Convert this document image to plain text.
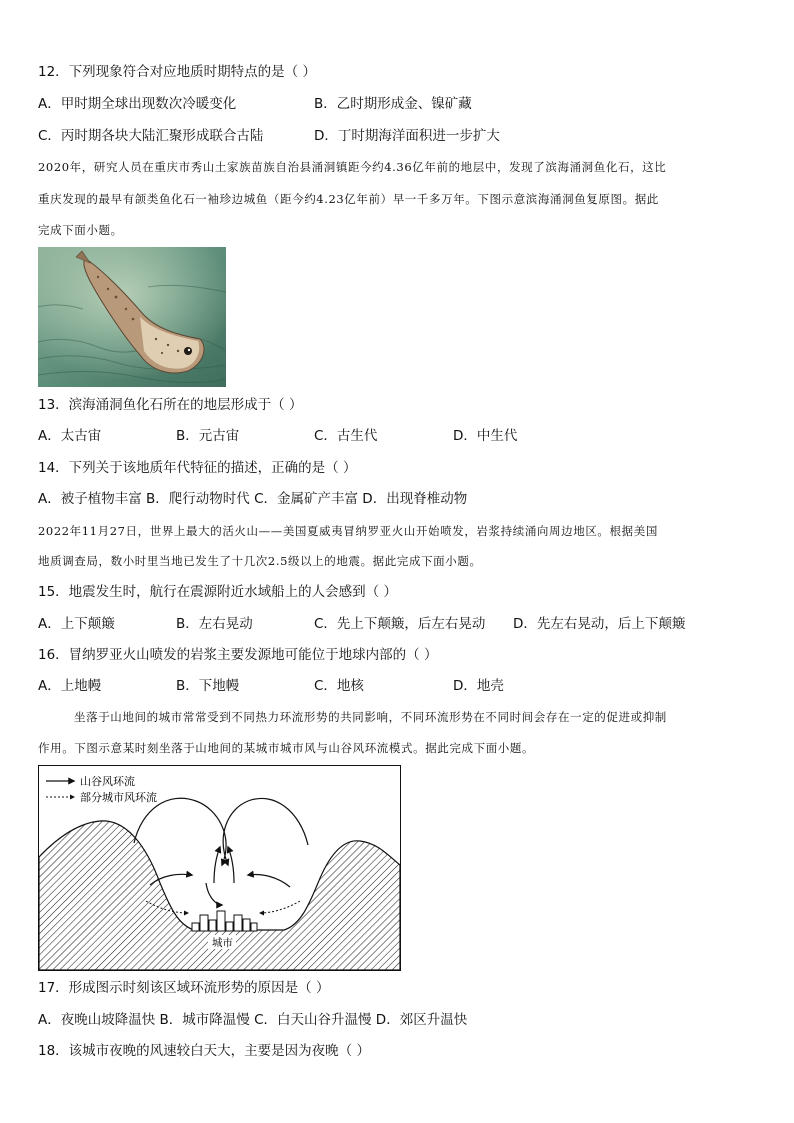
12．下列现象符合对应地质时期特点的是（ ）
A．甲时期全球出现数次冷暖变化	B．乙时期形成金、镍矿藏
C．丙时期各块大陆汇聚形成联合古陆	D．丁时期海洋面积进一步扩大
2020年，研究人员在重庆市秀山土家族苗族自治县涌洞镇距今约4.36亿年前的地层中，发现了滨海涌洞鱼化石，这比
重庆发现的最早有颌类鱼化石一袖珍边城鱼（距今约4.23亿年前）早一千多万年。下图示意滨海涌洞鱼复原图。据此
完成下面小题。
13．滨海涌洞鱼化石所在的地层形成于（ ）
A．太古宙	B．元古宙	C．古生代	D．中生代
14．下列关于该地质年代特征的描述，正确的是（ ）
A．被子植物丰富 B．爬行动物时代 C．金属矿产丰富 D．出现脊椎动物
2022年11月27日，世界上最大的活火山——美国夏威夷冒纳罗亚火山开始喷发，岩浆持续涌向周边地区。根据美国
地质调查局，数小时里当地已发生了十几次2.5级以上的地震。据此完成下面小题。
15．地震发生时，航行在震源附近水域船上的人会感到（ ）
A．上下颠簸	B．左右晃动	C．先上下颠簸，后左右晃动 D．先左右晃动，后上下颠簸
16．冒纳罗亚火山喷发的岩浆主要发源地可能位于地球内部的（ ）
A．上地幔	B．下地幔	C．地核	D．地壳
坐落于山地间的城市常常受到不同热力环流形势的共同影响，不同环流形势在不同时间会存在一定的促进或抑制
作用。下图示意某时刻坐落于山地间的某城市城市风与山谷风环流模式。据此完成下面小题。
山谷风环流
部分城市风环流
城市
17．形成图示时刻该区域环流形势的原因是（ ）
A．夜晚山坡降温快 B．城市降温慢 C．白天山谷升温慢 D．郊区升温快
18．该城市夜晚的风速较白天大，主要是因为夜晚（ ）
